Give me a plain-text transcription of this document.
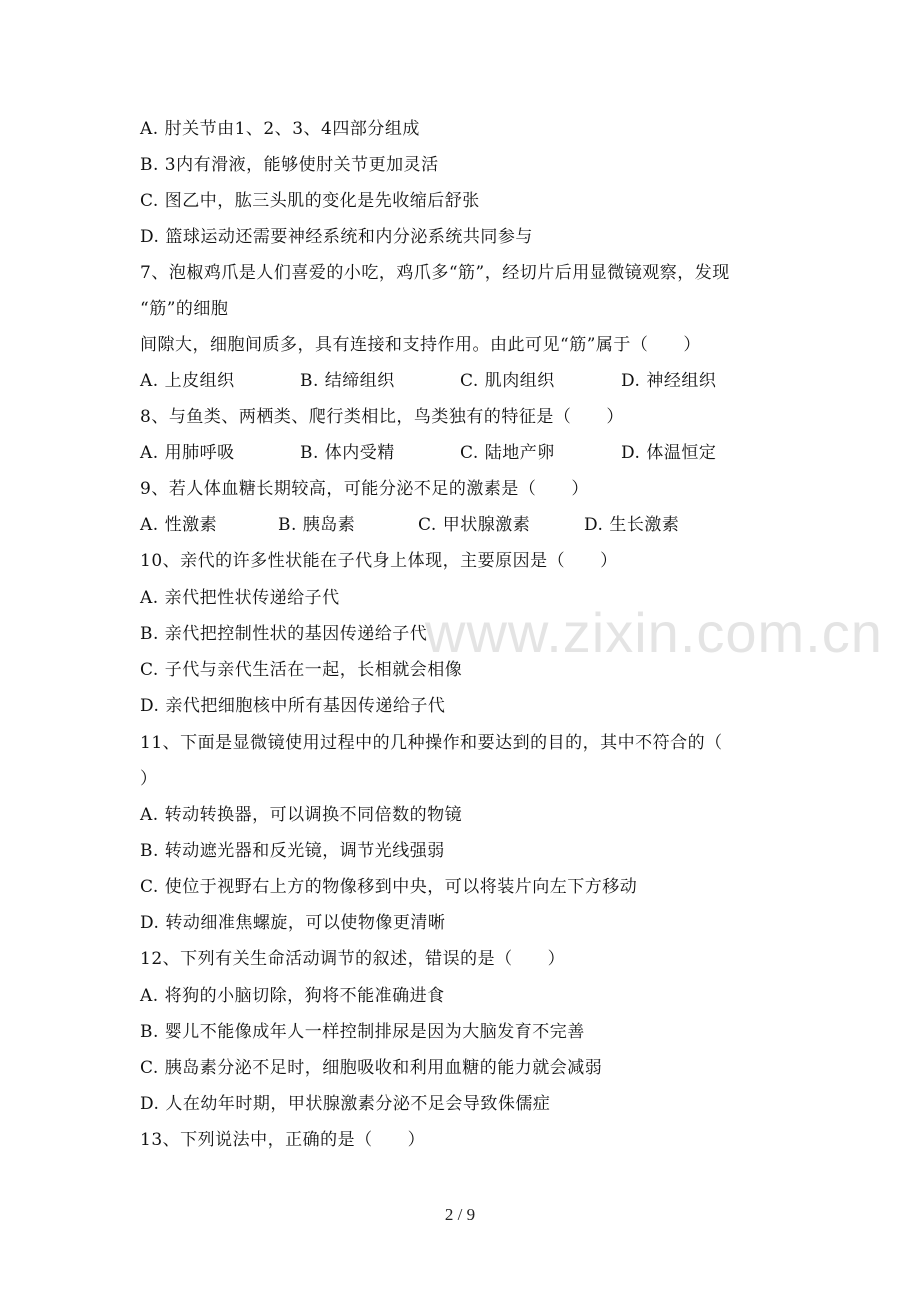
www.zixin.com.cn
A. 肘关节由1、2、3、4四部分组成
B. 3内有滑液，能够使肘关节更加灵活
C. 图乙中，肱三头肌的变化是先收缩后舒张
D. 篮球运动还需要神经系统和内分泌系统共同参与
7、泡椒鸡爪是人们喜爱的小吃，鸡爪多“筋”，经切片后用显微镜观察，发现
“筋”的细胞
间隙大，细胞间质多，具有连接和支持作用。由此可见“筋”属于（　　）
A. 上皮组织	B. 结缔组织	C. 肌肉组织	D. 神经组织
8、与鱼类、两栖类、爬行类相比，鸟类独有的特征是（　　）
A. 用肺呼吸	B. 体内受精	C. 陆地产卵	D. 体温恒定
9、若人体血糖长期较高，可能分泌不足的激素是（　　）
A. 性激素	B. 胰岛素	C. 甲状腺激素	D. 生长激素
10、亲代的许多性状能在子代身上体现，主要原因是（　　）
A. 亲代把性状传递给子代
B. 亲代把控制性状的基因传递给子代
C. 子代与亲代生活在一起，长相就会相像
D. 亲代把细胞核中所有基因传递给子代
11、下面是显微镜使用过程中的几种操作和要达到的目的，其中不符合的（
）
A. 转动转换器，可以调换不同倍数的物镜
B. 转动遮光器和反光镜，调节光线强弱
C. 使位于视野右上方的物像移到中央，可以将装片向左下方移动
D. 转动细准焦螺旋，可以使物像更清晰
12、下列有关生命活动调节的叙述，错误的是（　　）
A. 将狗的小脑切除，狗将不能准确进食
B. 婴儿不能像成年人一样控制排尿是因为大脑发育不完善
C. 胰岛素分泌不足时，细胞吸收和利用血糖的能力就会减弱
D. 人在幼年时期，甲状腺激素分泌不足会导致侏儒症
13、下列说法中，正确的是（　　）
2 / 9
